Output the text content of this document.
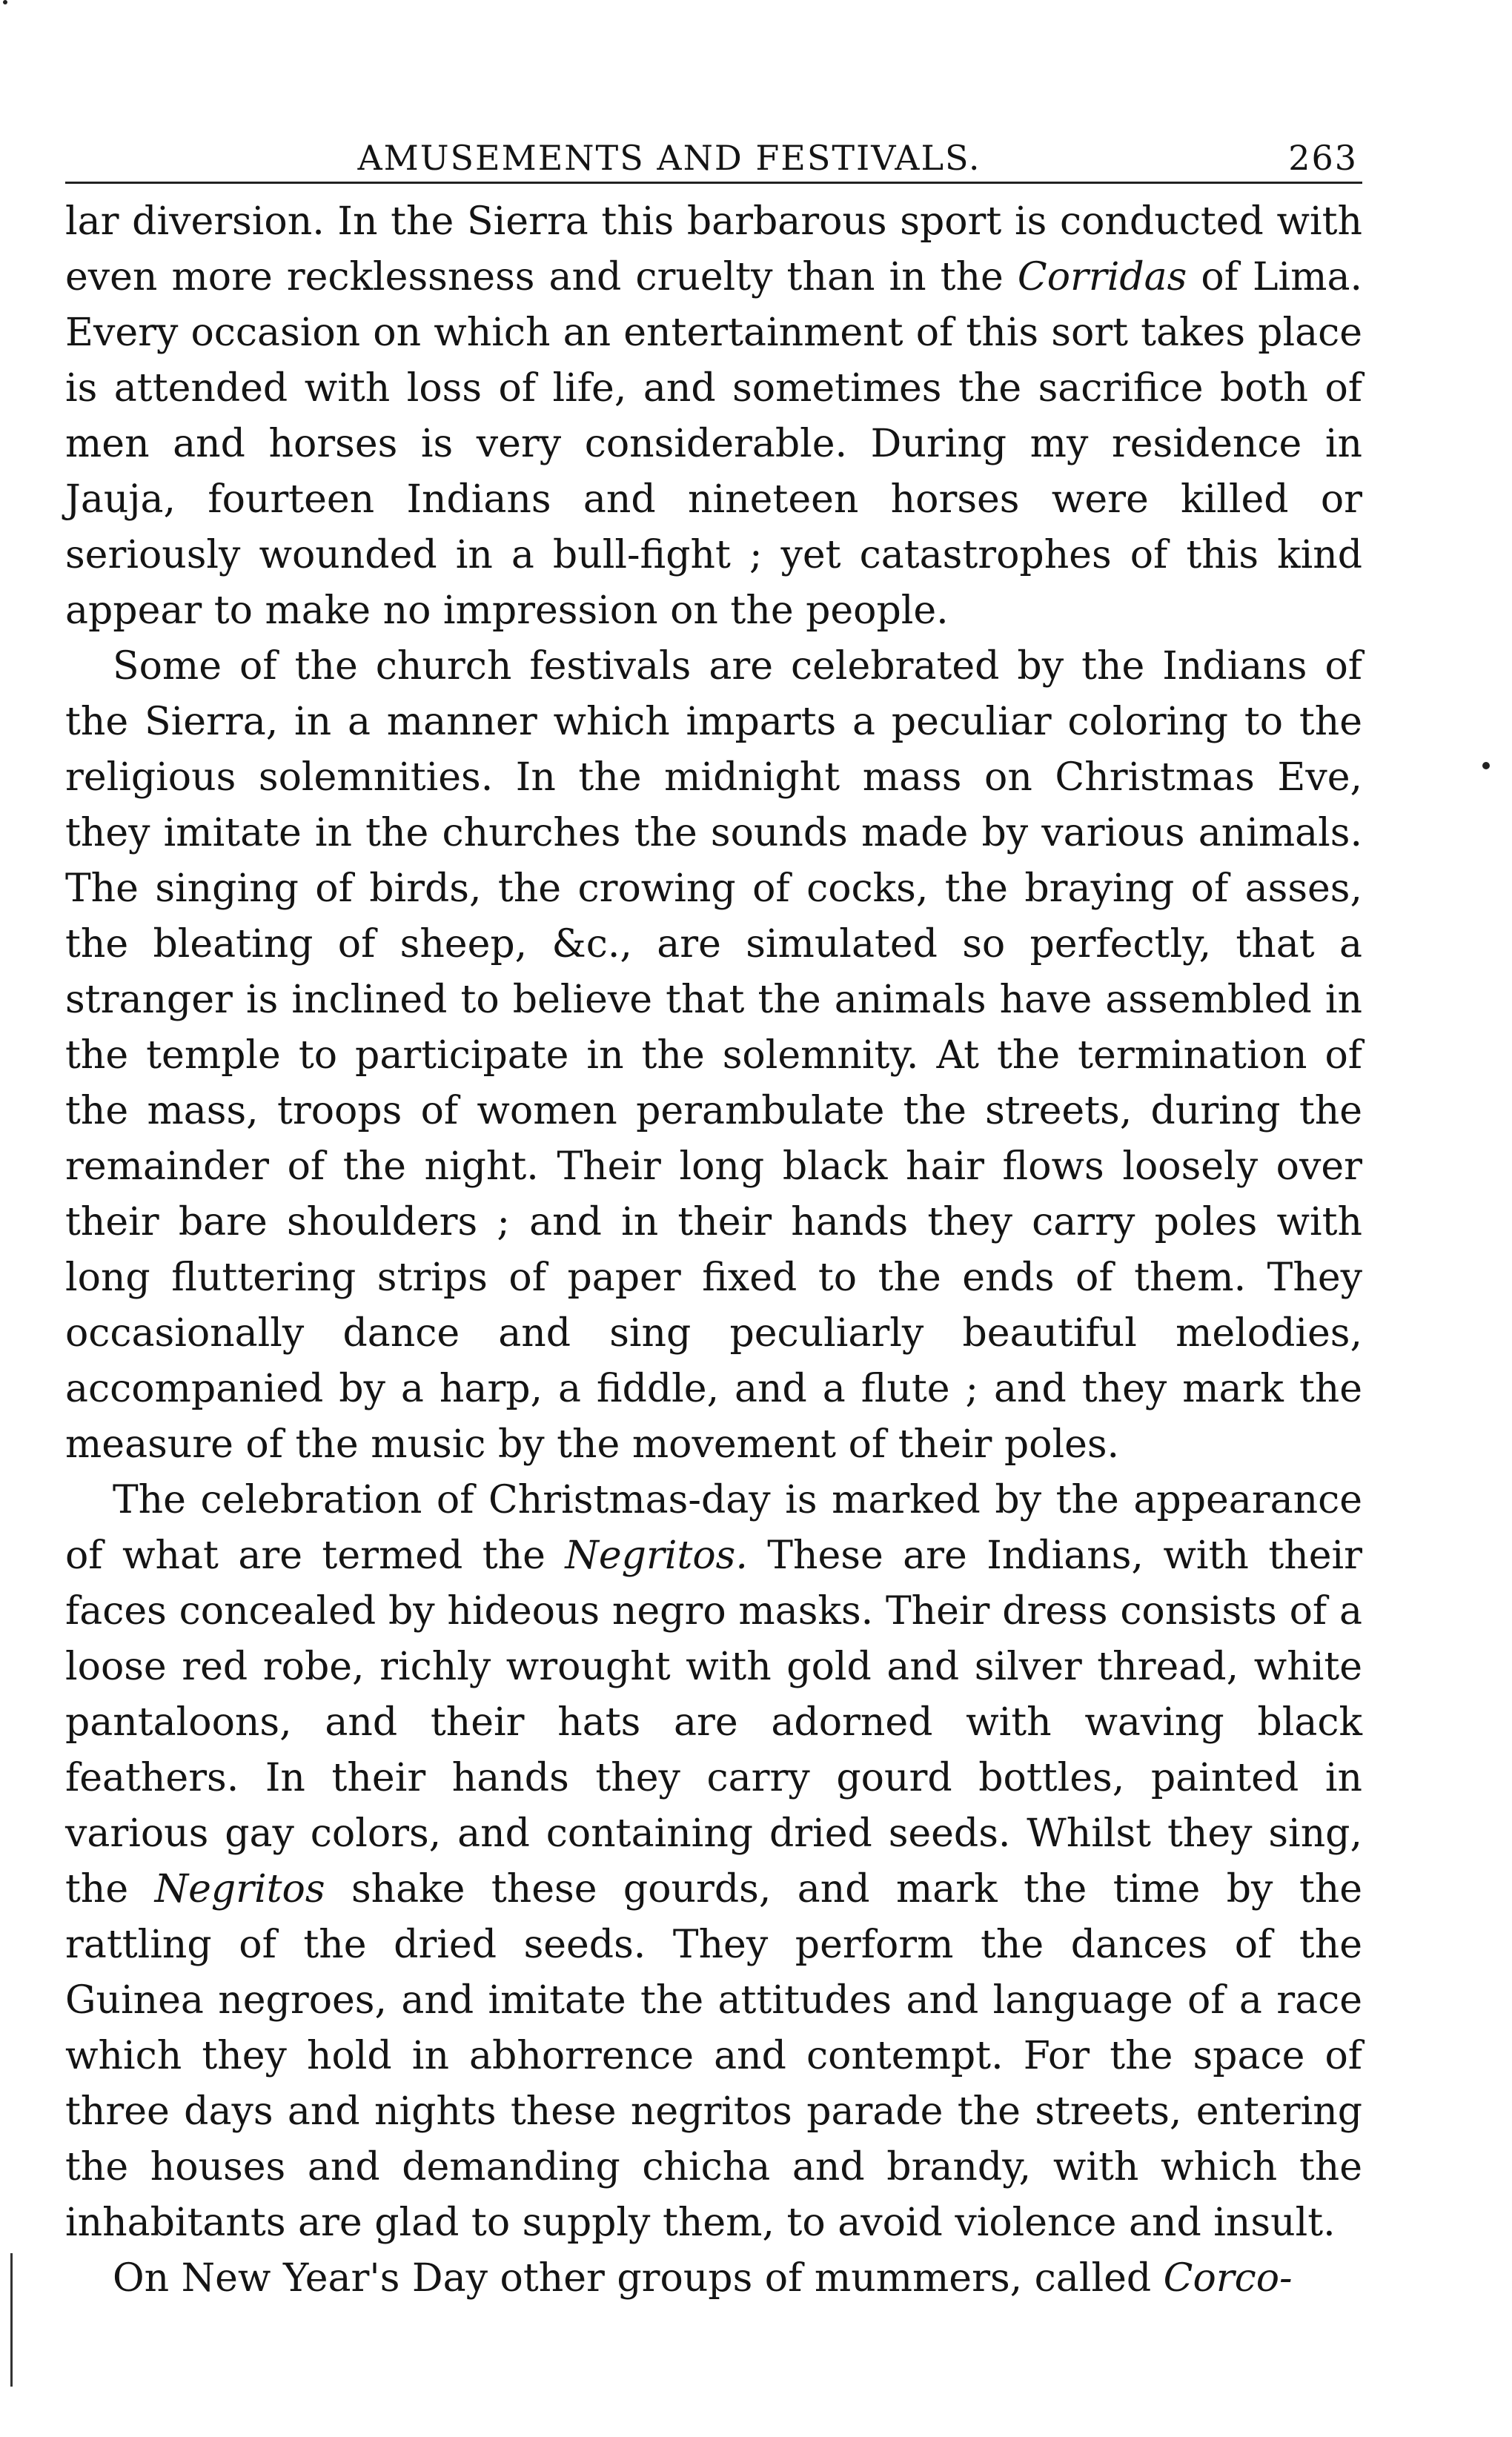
AMUSEMENTS AND FESTIVALS.	263

lar diversion. In the Sierra this barbarous sport is conducted with even more recklessness and cruelty than in the Corridas of Lima. Every occasion on which an entertainment of this sort takes place is attended with loss of life, and sometimes the sacrifice both of men and horses is very considerable. During my residence in Jauja, fourteen Indians and nineteen horses were killed or seriously wounded in a bull-fight ; yet catastrophes of this kind appear to make no impression on the people.

Some of the church festivals are celebrated by the Indians of the Sierra, in a manner which imparts a peculiar coloring to the religious solemnities. In the midnight mass on Christmas Eve, they imitate in the churches the sounds made by various animals. The singing of birds, the crowing of cocks, the braying of asses, the bleating of sheep, &c., are simulated so perfectly, that a stranger is inclined to believe that the animals have assembled in the temple to participate in the solemnity. At the termination of the mass, troops of women perambulate the streets, during the remainder of the night. Their long black hair flows loosely over their bare shoulders ; and in their hands they carry poles with long fluttering strips of paper fixed to the ends of them. They occasionally dance and sing peculiarly beautiful melodies, accompanied by a harp, a fiddle, and a flute ; and they mark the measure of the music by the movement of their poles.

The celebration of Christmas-day is marked by the appearance of what are termed the Negritos. These are Indians, with their faces concealed by hideous negro masks. Their dress consists of a loose red robe, richly wrought with gold and silver thread, white pantaloons, and their hats are adorned with waving black feathers. In their hands they carry gourd bottles, painted in various gay colors, and containing dried seeds. Whilst they sing, the Negritos shake these gourds, and mark the time by the rattling of the dried seeds. They perform the dances of the Guinea negroes, and imitate the attitudes and language of a race which they hold in abhorrence and contempt. For the space of three days and nights these negritos parade the streets, entering the houses and demanding chicha and brandy, with which the inhabitants are glad to supply them, to avoid violence and insult.

On New Year's Day other groups of mummers, called Corco-
